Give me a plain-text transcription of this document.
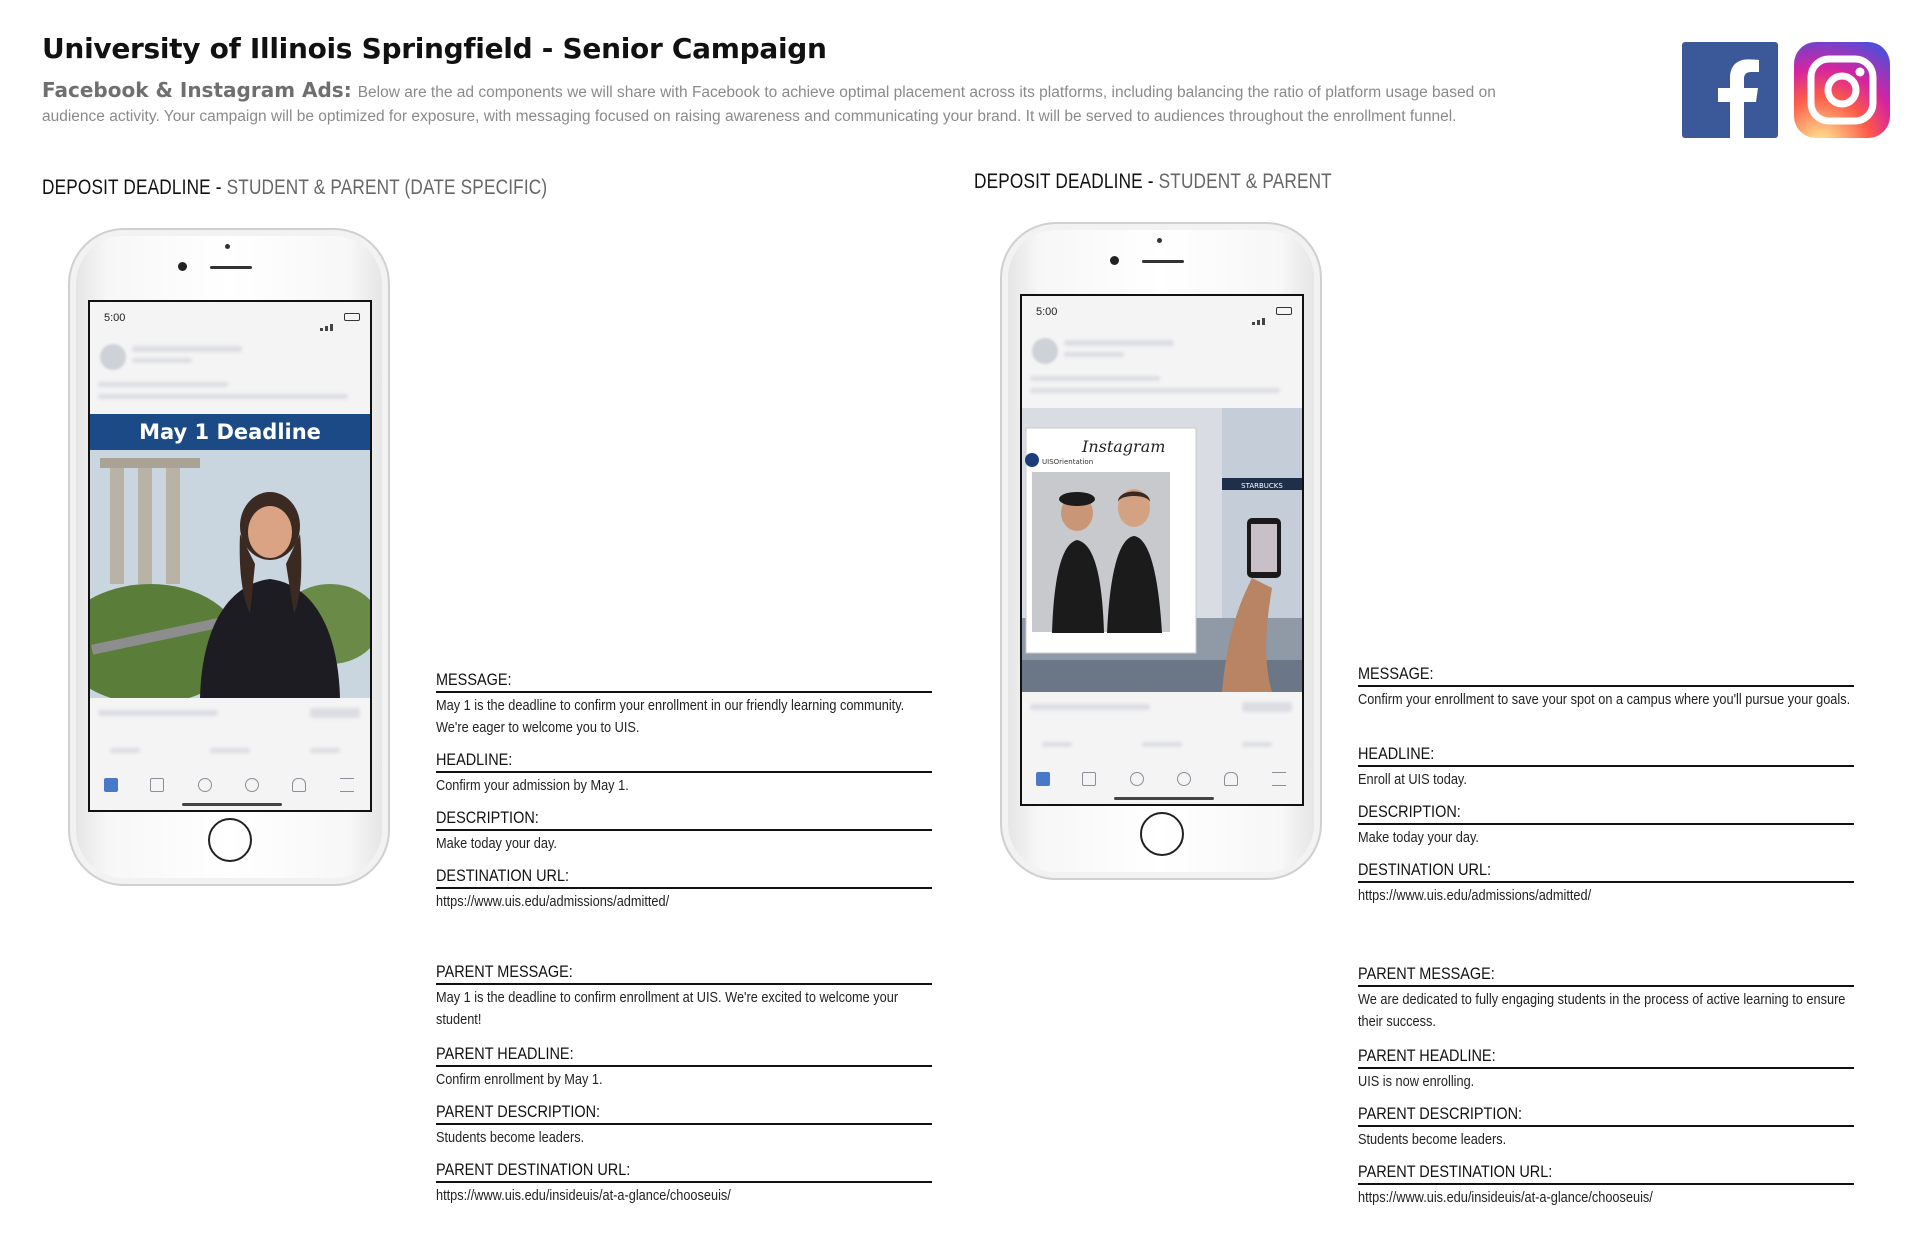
University of Illinois Springfield - Senior Campaign
Facebook & Instagram Ads: Below are the ad components we will share with Facebook to achieve optimal placement across its platforms, including balancing the ratio of platform usage based on audience activity. Your campaign will be optimized for exposure, with messaging focused on raising awareness and communicating your brand. It will be served to audiences throughout the enrollment funnel.
DEPOSIT DEADLINE - STUDENT & PARENT (DATE SPECIFIC)
5:00
May 1 Deadline
MESSAGE:
May 1 is the deadline to confirm your enrollment in our friendly learning community. We're eager to welcome you to UIS.
HEADLINE:
Confirm your admission by May 1.
DESCRIPTION:
Make today your day.
DESTINATION URL:
https://www.uis.edu/admissions/admitted/
PARENT MESSAGE:
May 1 is the deadline to confirm enrollment at UIS. We're excited to welcome your student!
PARENT HEADLINE:
Confirm enrollment by May 1.
PARENT DESCRIPTION:
Students become leaders.
PARENT DESTINATION URL:
https://www.uis.edu/insideuis/at-a-glance/chooseuis/
DEPOSIT DEADLINE - STUDENT & PARENT
5:00
STARBUCKS
Instagram
UISOrientation
MESSAGE:
Confirm your enrollment to save your spot on a campus where you'll pursue your goals.
HEADLINE:
Enroll at UIS today.
DESCRIPTION:
Make today your day.
DESTINATION URL:
https://www.uis.edu/admissions/admitted/
PARENT MESSAGE:
We are dedicated to fully engaging students in the process of active learning to ensure their success.
PARENT HEADLINE:
UIS is now enrolling.
PARENT DESCRIPTION:
Students become leaders.
PARENT DESTINATION URL:
https://www.uis.edu/insideuis/at-a-glance/chooseuis/
